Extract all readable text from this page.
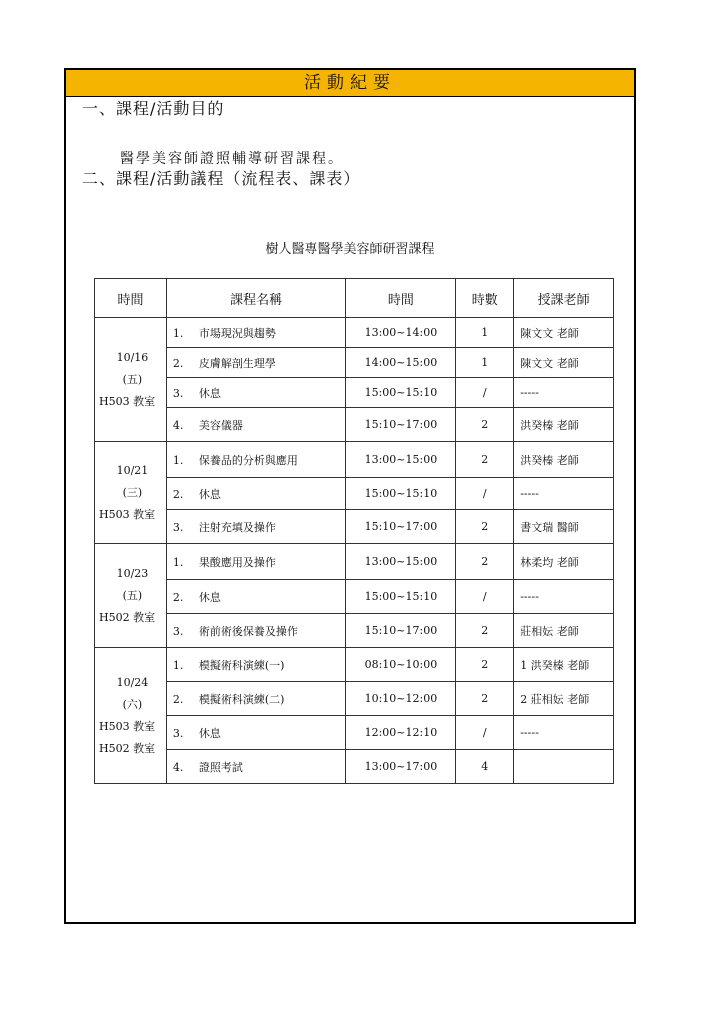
活動紀要
一、課程/活動目的
醫學美容師證照輔導研習課程。
二、課程/活動議程（流程表、課表）
樹人醫專醫學美容師研習課程
時間	課程名稱	時間	時數	授課老師

10/16
(五)
H503 教室	1. 市場現況與趨勢	13:00~14:00	1	陳文文 老師
	2. 皮膚解剖生理學	14:00~15:00	1	陳文文 老師
	3. 休息	15:00~15:10	/	-----
	4. 美容儀器	15:10~17:00	2	洪癸榛 老師

10/21
(三)
H503 教室	1. 保養品的分析與應用	13:00~15:00	2	洪癸榛 老師
	2. 休息	15:00~15:10	/	-----
	3. 注射充填及操作	15:10~17:00	2	書文瑞 醫師

10/23
(五)
H502 教室	1. 果酸應用及操作	13:00~15:00	2	林柔均 老師
	2. 休息	15:00~15:10	/	-----
	3. 術前術後保養及操作	15:10~17:00	2	莊相妘 老師

10/24
(六)
H503 教室
H502 教室	1. 模擬術科演練(一)	08:10~10:00	2	1 洪癸榛 老師
	2. 模擬術科演練(二)	10:10~12:00	2	2 莊相妘 老師
	3. 休息	12:00~12:10	/	-----
	4. 證照考試	13:00~17:00	4	
